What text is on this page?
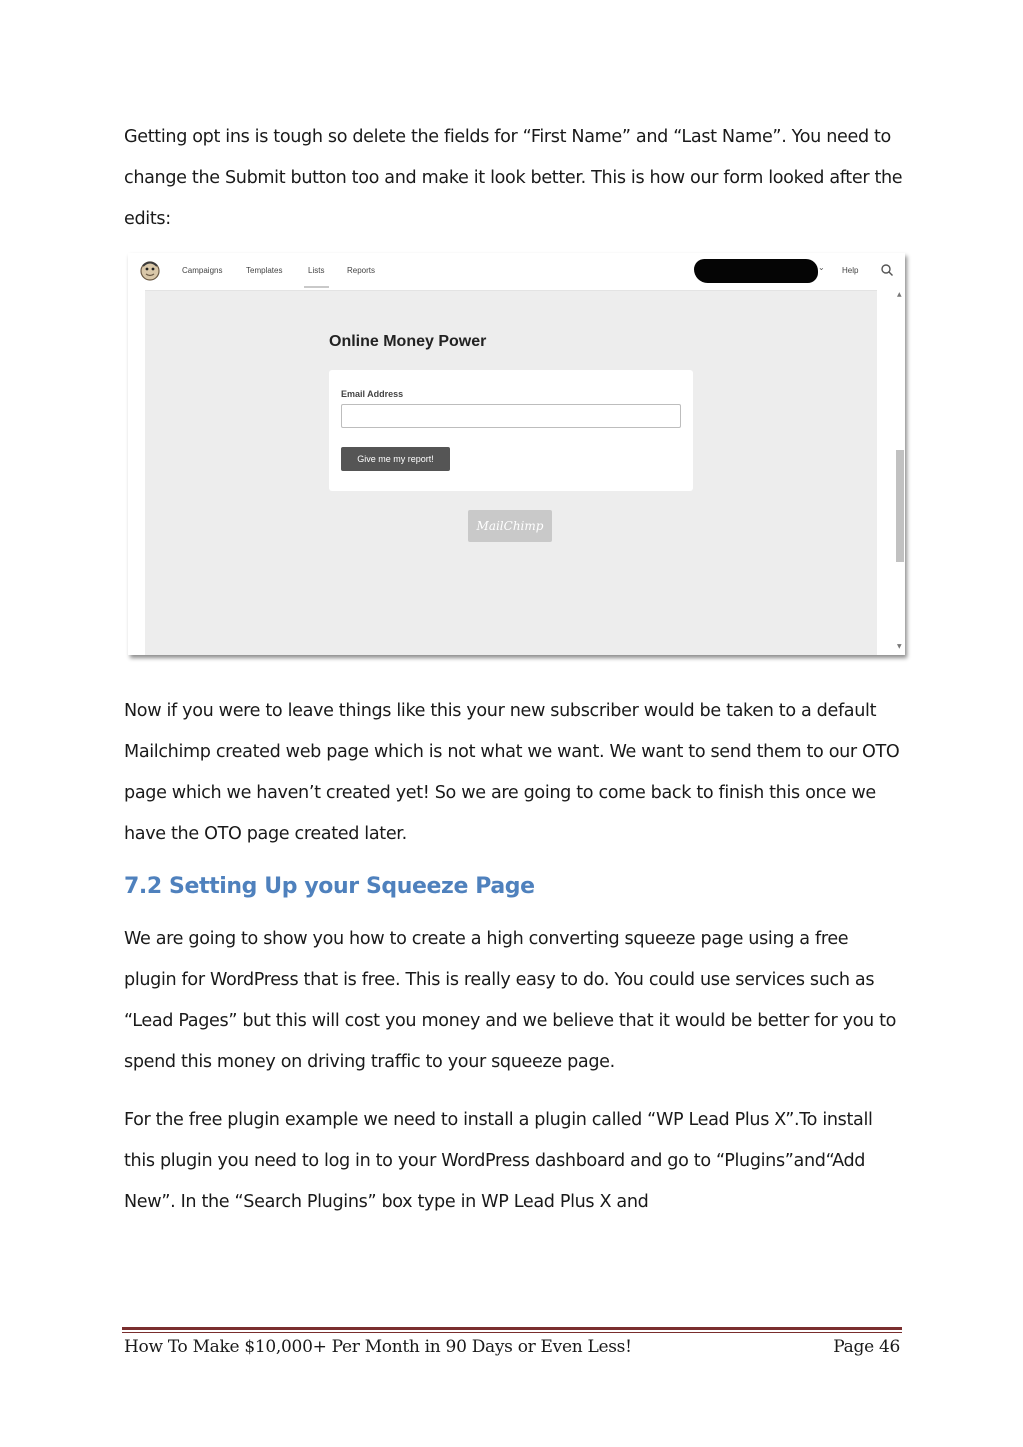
Getting opt ins is tough so delete the fields for “First Name” and “Last Name”. You need to change the Submit button too and make it look better. This is how our form looked after the edits:

Campaigns	Templates	Lists	Reports	⌄ Help
▲
▼
Online Money Power
Email Address
Give me my report!
MailChimp

Now if you were to leave things like this your new subscriber would be taken to a default Mailchimp created web page which is not what we want. We want to send them to our OTO page which we haven’t created yet! So we are going to come back to finish this once we have the OTO page created later.

7.2 Setting Up your Squeeze Page

We are going to show you how to create a high converting squeeze page using a free plugin for WordPress that is free. This is really easy to do. You could use services such as “Lead Pages” but this will cost you money and we believe that it would be better for you to spend this money on driving traffic to your squeeze page.

For the free plugin example we need to install a plugin called “WP Lead Plus X”.To install this plugin you need to log in to your WordPress dashboard and go to “Plugins”and“Add New”. In the “Search Plugins” box type in WP Lead Plus X and

How To Make $10,000+ Per Month in 90 Days or Even Less!	Page 46
